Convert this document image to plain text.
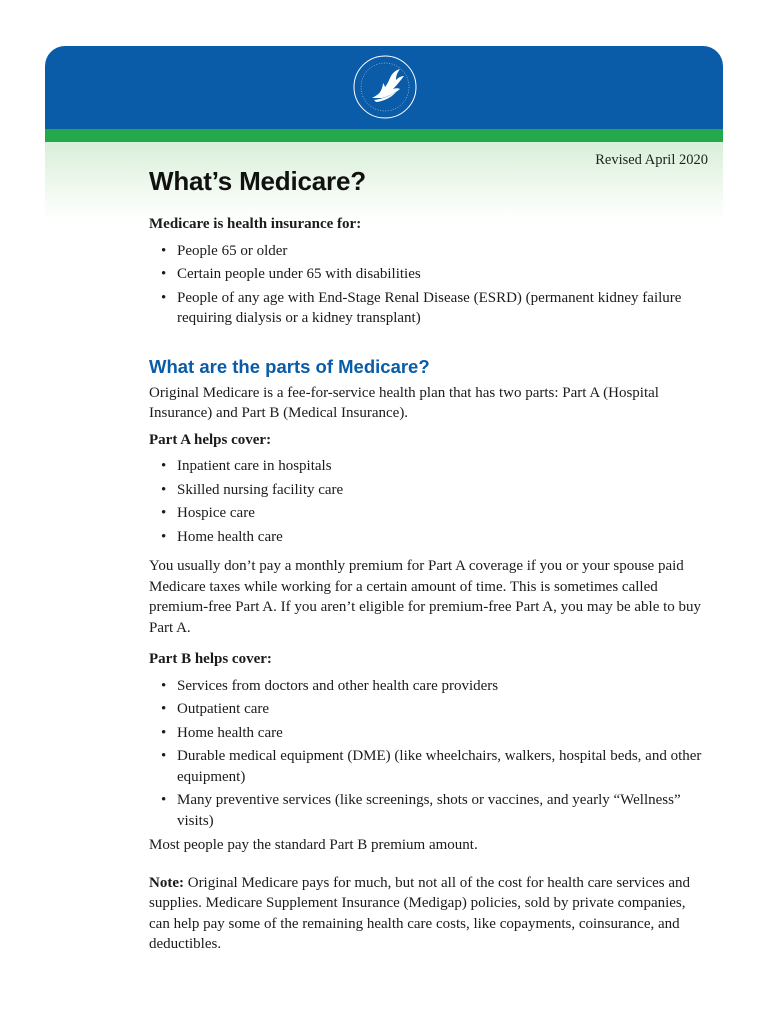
Revised April 2020
What’s Medicare?

Medicare is health insurance for:

• People 65 or older
• Certain people under 65 with disabilities
• People of any age with End-Stage Renal Disease (ESRD) (permanent kidney failure requiring dialysis or a kidney transplant)
What are the parts of Medicare?

Original Medicare is a fee-for-service health plan that has two parts: Part A (Hospital Insurance) and Part B (Medical Insurance).

Part A helps cover:

• Inpatient care in hospitals
• Skilled nursing facility care
• Hospice care
• Home health care

You usually don’t pay a monthly premium for Part A coverage if you or your spouse paid Medicare taxes while working for a certain amount of time. This is sometimes called premium-free Part A. If you aren’t eligible for premium-free Part A, you may be able to buy Part A.

Part B helps cover:

• Services from doctors and other health care providers
• Outpatient care
• Home health care
• Durable medical equipment (DME) (like wheelchairs, walkers, hospital beds, and other equipment)
• Many preventive services (like screenings, shots or vaccines, and yearly “Wellness” visits)

Most people pay the standard Part B premium amount.

Note: Original Medicare pays for much, but not all of the cost for health care services and supplies. Medicare Supplement Insurance (Medigap) policies, sold by private companies, can help pay some of the remaining health care costs, like copayments, coinsurance, and deductibles.
